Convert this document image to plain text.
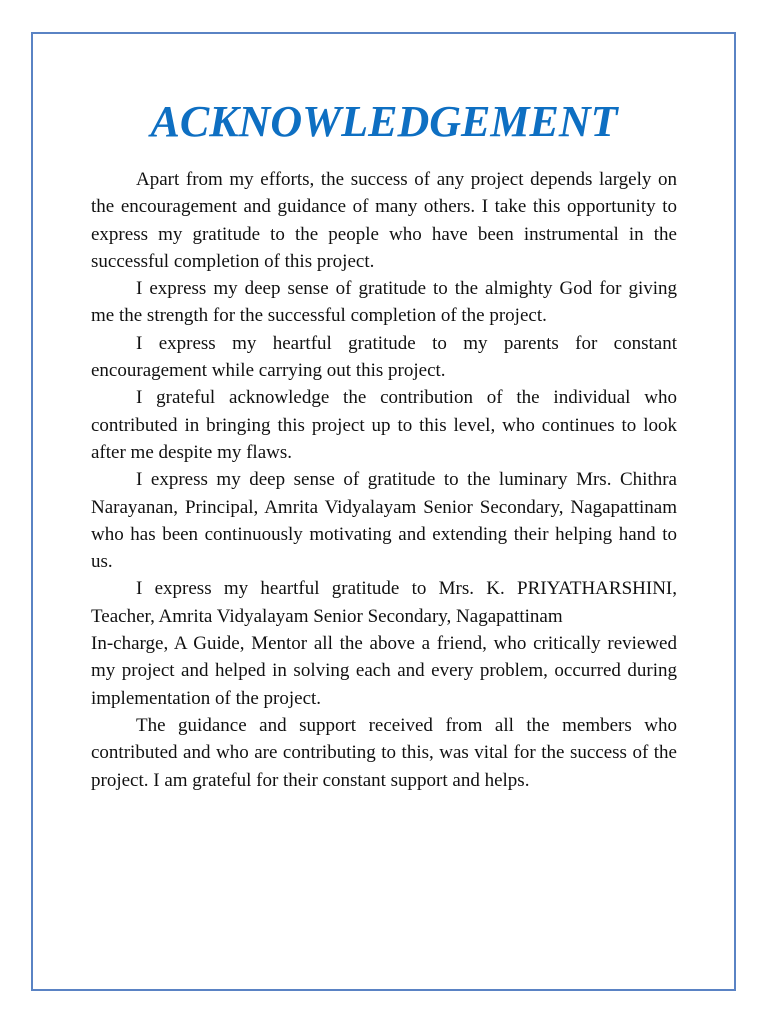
ACKNOWLEDGEMENT

Apart from my efforts, the success of any project depends largely on the encouragement and guidance of many others. I take this opportunity to express my gratitude to the people who have been instrumental in the successful completion of this project.

I express my deep sense of gratitude to the almighty God for giving me the strength for the successful completion of the project.

I express my heartful gratitude to my parents for constant encouragement while carrying out this project.

I grateful acknowledge the contribution of the individual who contributed in bringing this project up to this level, who continues to look after me despite my flaws.

I express my deep sense of gratitude to the luminary Mrs. Chithra Narayanan, Principal, Amrita Vidyalayam Senior Secondary, Nagapattinam who has been continuously motivating and extending their helping hand to us.

I express my heartful gratitude to Mrs. K. PRIYATHARSHINI, Teacher, Amrita Vidyalayam Senior Secondary, Nagapattinam

In-charge, A Guide, Mentor all the above a friend, who critically reviewed my project and helped in solving each and every problem, occurred during implementation of the project.

The guidance and support received from all the members who contributed and who are contributing to this, was vital for the success of the project. I am grateful for their constant support and helps.
